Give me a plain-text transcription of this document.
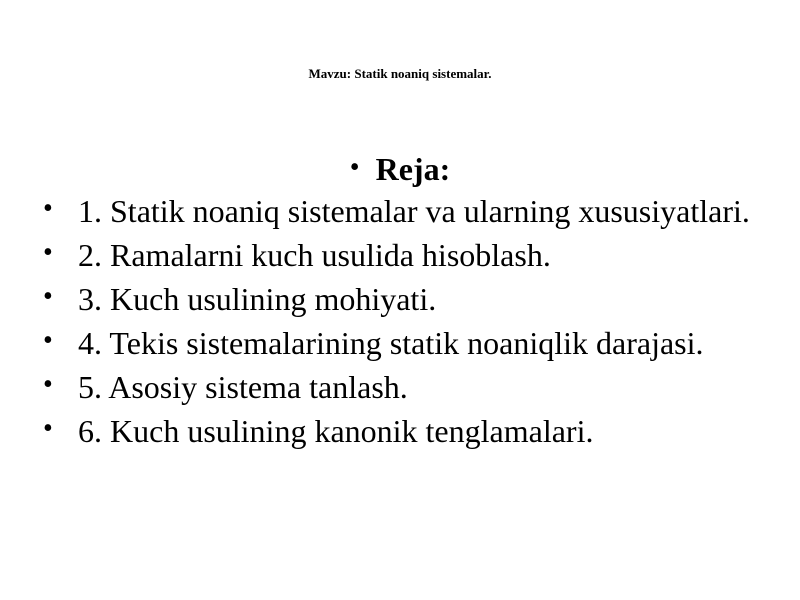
Mavzu: Statik noaniq sistemalar.
• Reja:
• 1. Statik noaniq sistemalar va ularning xususiyatlari.
• 2. Ramalarni kuch usulida hisoblash.
• 3. Kuch usulining mohiyati.
• 4. Tekis sistemalarining statik noaniqlik darajasi.
• 5. Asosiy sistema tanlash.
• 6. Kuch usulining kanonik tenglamalari.
